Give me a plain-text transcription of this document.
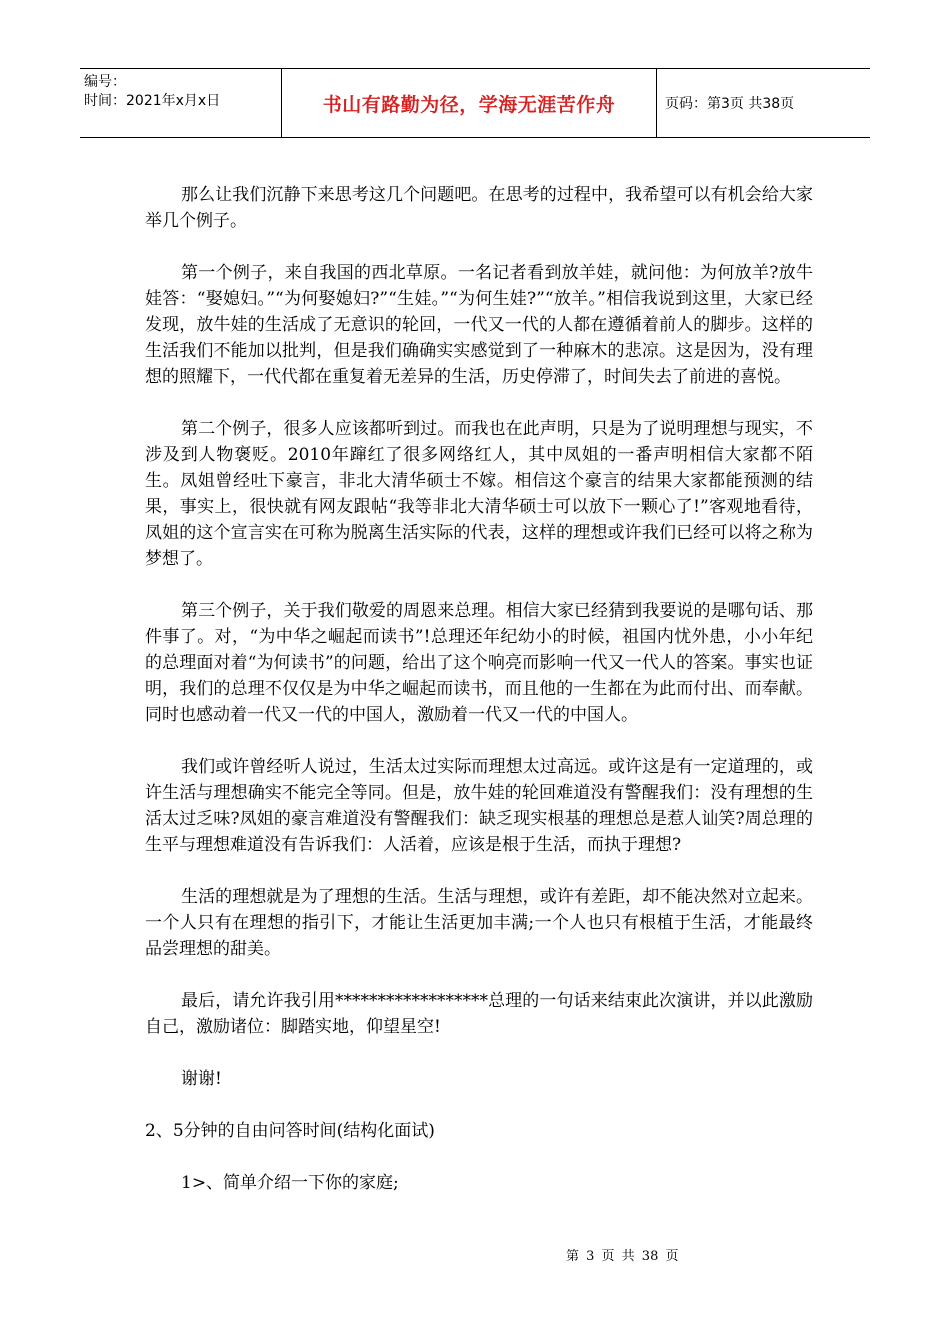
编号：
时间：2021年x月x日	书山有路勤为径，学海无涯苦作舟	页码：第3页 共38页

那么让我们沉静下来思考这几个问题吧。在思考的过程中，我希望可以有机会给大家举几个例子。

第一个例子，来自我国的西北草原。一名记者看到放羊娃，就问他：为何放羊?放牛娃答：“娶媳妇。”“为何娶媳妇?”“生娃。”“为何生娃?”“放羊。”相信我说到这里，大家已经发现，放牛娃的生活成了无意识的轮回，一代又一代的人都在遵循着前人的脚步。这样的生活我们不能加以批判，但是我们确确实实感觉到了一种麻木的悲凉。这是因为，没有理想的照耀下，一代代都在重复着无差异的生活，历史停滞了，时间失去了前进的喜悦。

第二个例子，很多人应该都听到过。而我也在此声明，只是为了说明理想与现实，不涉及到人物褒贬。2010年蹿红了很多网络红人，其中凤姐的一番声明相信大家都不陌生。凤姐曾经吐下豪言，非北大清华硕士不嫁。相信这个豪言的结果大家都能预测的结果，事实上，很快就有网友跟帖“我等非北大清华硕士可以放下一颗心了!”客观地看待，凤姐的这个宣言实在可称为脱离生活实际的代表，这样的理想或许我们已经可以将之称为梦想了。

第三个例子，关于我们敬爱的周恩来总理。相信大家已经猜到我要说的是哪句话、那件事了。对，“为中华之崛起而读书”!总理还年纪幼小的时候，祖国内忧外患，小小年纪的总理面对着“为何读书”的问题，给出了这个响亮而影响一代又一代人的答案。事实也证明，我们的总理不仅仅是为中华之崛起而读书，而且他的一生都在为此而付出、而奉献。同时也感动着一代又一代的中国人，激励着一代又一代的中国人。

我们或许曾经听人说过，生活太过实际而理想太过高远。或许这是有一定道理的，或许生活与理想确实不能完全等同。但是，放牛娃的轮回难道没有警醒我们：没有理想的生活太过乏味?凤姐的豪言难道没有警醒我们：缺乏现实根基的理想总是惹人讪笑?周总理的生平与理想难道没有告诉我们：人活着，应该是根于生活，而执于理想?

生活的理想就是为了理想的生活。生活与理想，或许有差距，却不能决然对立起来。一个人只有在理想的指引下，才能让生活更加丰满;一个人也只有根植于生活，才能最终品尝理想的甜美。

最后，请允许我引用******************总理的一句话来结束此次演讲，并以此激励自己，激励诸位：脚踏实地，仰望星空!

谢谢!

2、5分钟的自由问答时间(结构化面试)

1>、简单介绍一下你的家庭;

第 3 页 共 38 页
